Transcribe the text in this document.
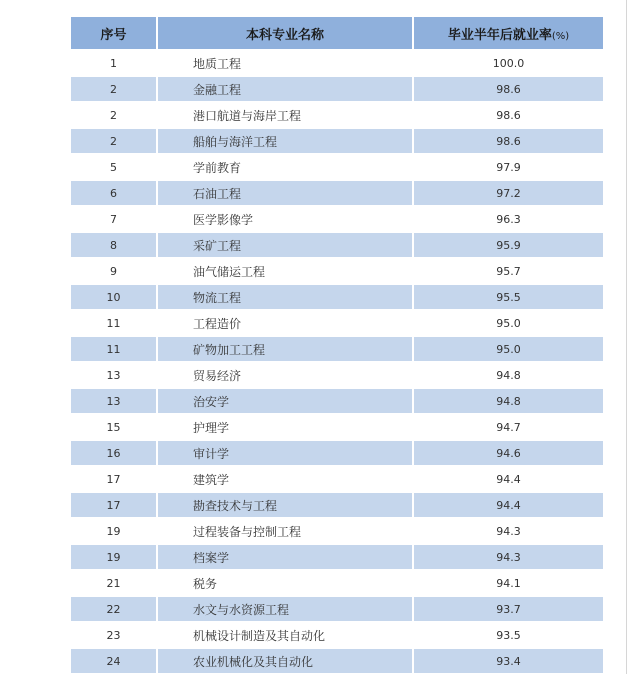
序号	本科专业名称	毕业半年后就业率(%)
1	地质工程	100.0
2	金融工程	98.6
2	港口航道与海岸工程	98.6
2	船舶与海洋工程	98.6
5	学前教育	97.9
6	石油工程	97.2
7	医学影像学	96.3
8	采矿工程	95.9
9	油气储运工程	95.7
10	物流工程	95.5
11	工程造价	95.0
11	矿物加工工程	95.0
13	贸易经济	94.8
13	治安学	94.8
15	护理学	94.7
16	审计学	94.6
17	建筑学	94.4
17	勘查技术与工程	94.4
19	过程装备与控制工程	94.3
19	档案学	94.3
21	税务	94.1
22	水文与水资源工程	93.7
23	机械设计制造及其自动化	93.5
24	农业机械化及其自动化	93.4
